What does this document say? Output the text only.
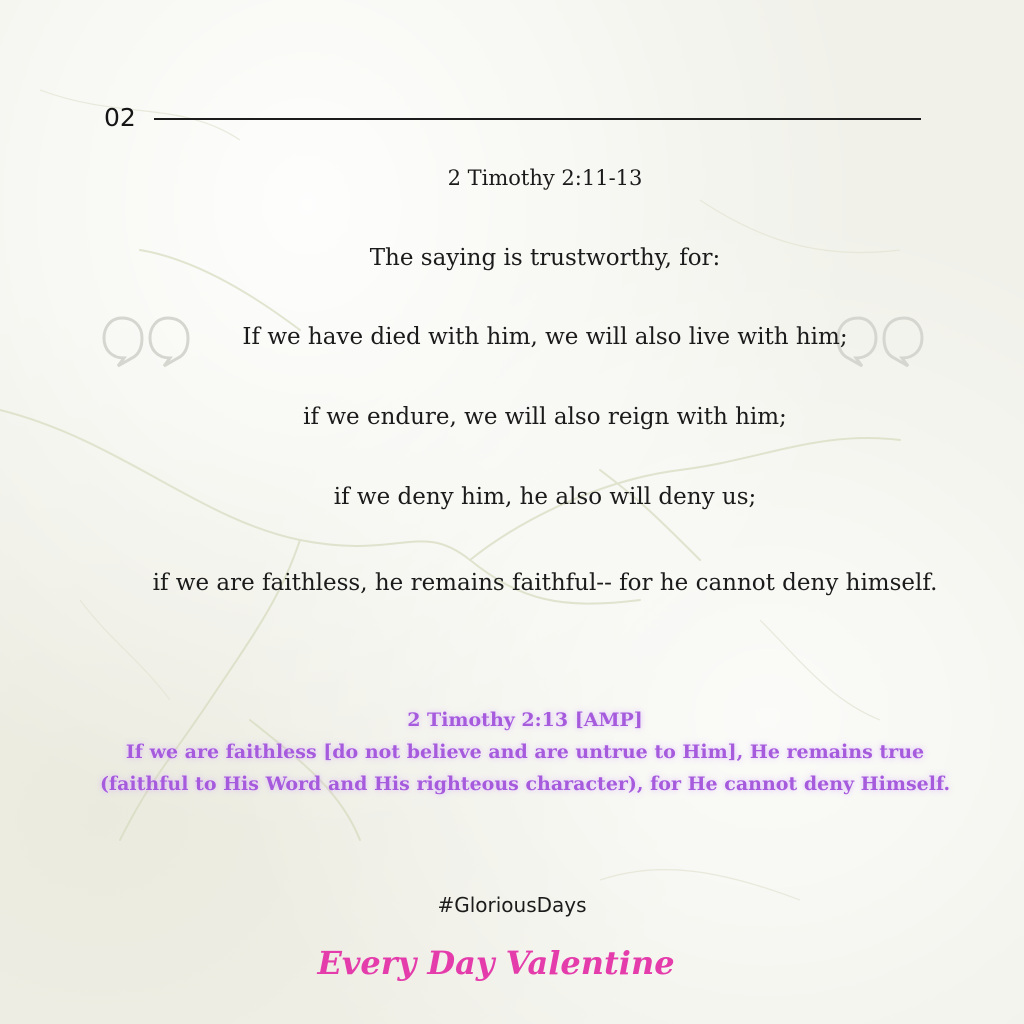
02
2 Timothy 2:11-13
The saying is trustworthy, for:
If we have died with him, we will also live with him;
if we endure, we will also reign with him;
if we deny him, he also will deny us;
if we are faithless, he remains faithful-- for he cannot deny himself.
2 Timothy 2:13 [AMP]
If we are faithless [do not believe and are untrue to Him], He remains true (faithful to His Word and His righteous character), for He cannot deny Himself.
#GloriousDays
Every Day Valentine
